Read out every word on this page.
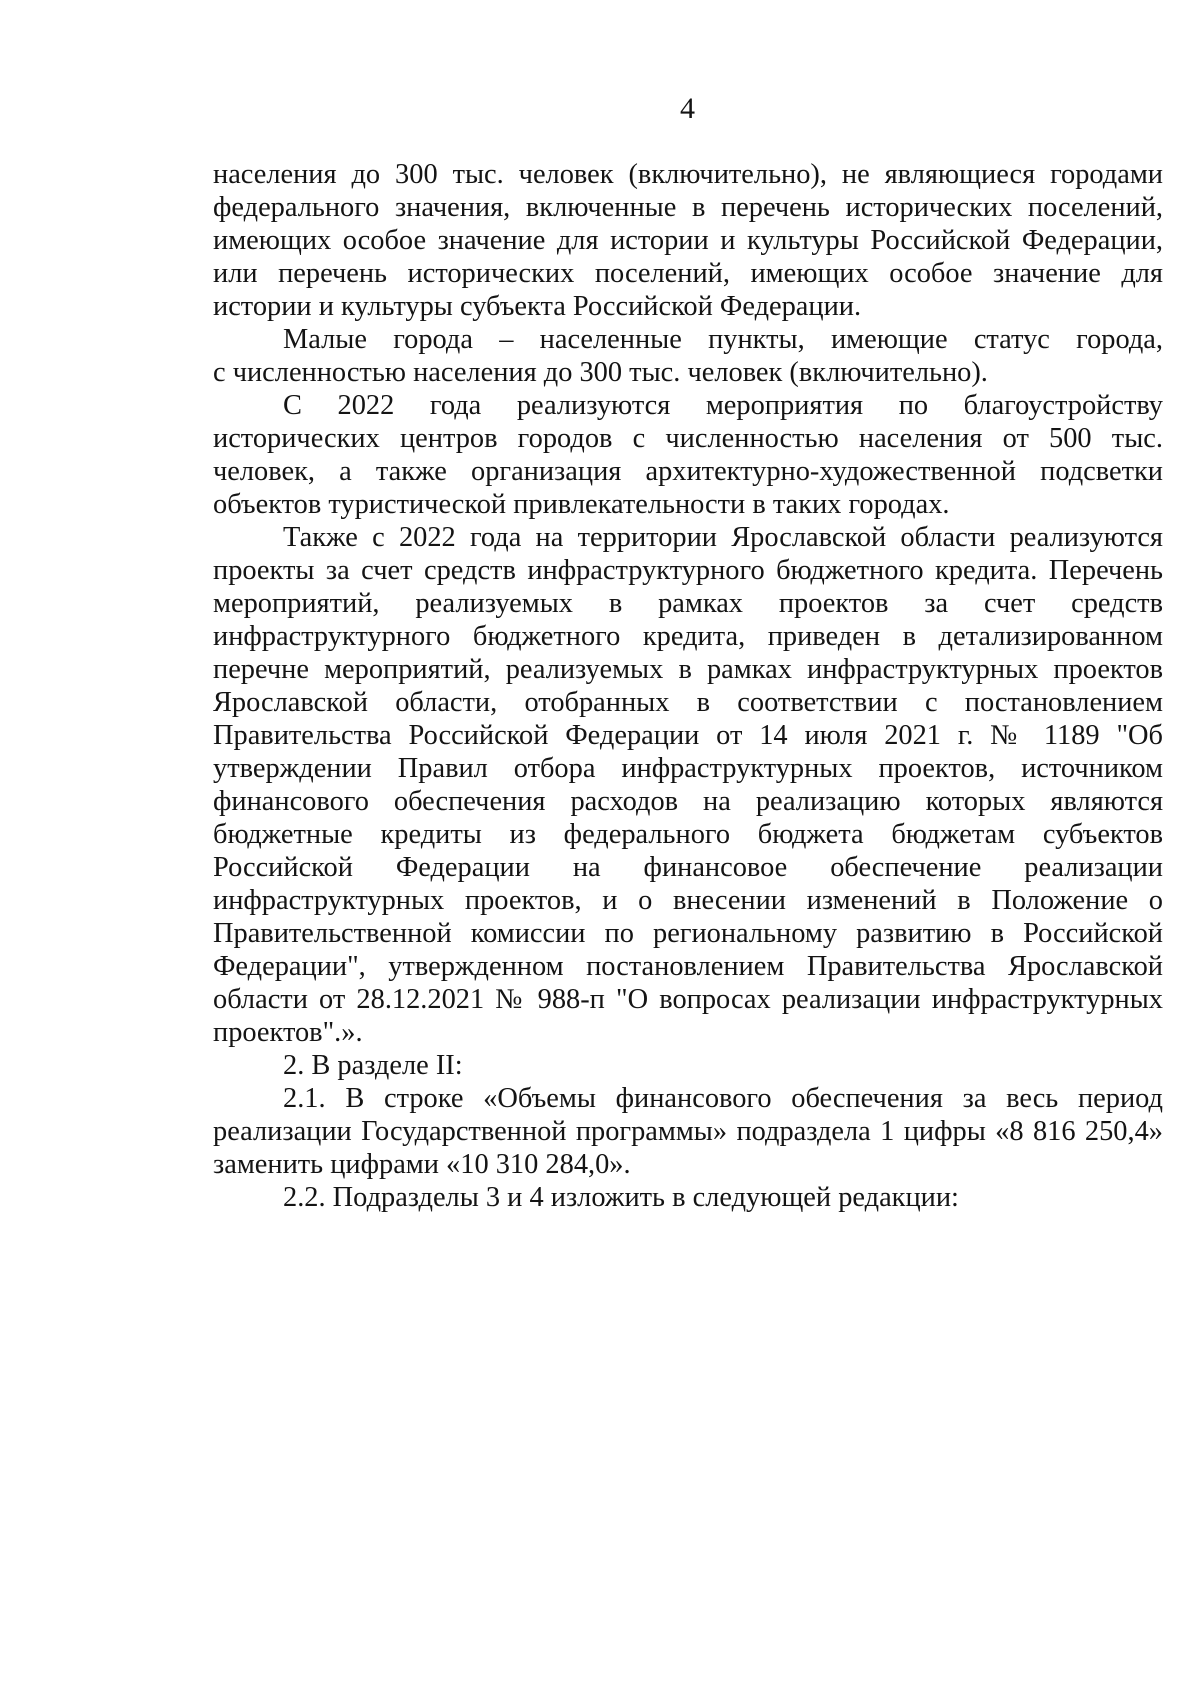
4
населения до 300 тыс. человек (включительно), не являющиеся городами
федерального значения, включенные в перечень исторических поселений,
имеющих особое значение для истории и культуры Российской Федерации,
или перечень исторических поселений, имеющих особое значение для
истории и культуры субъекта Российской Федерации.
Малые города – населенные пункты, имеющие статус города,
с численностью населения до 300 тыс. человек (включительно).
С 2022 года реализуются мероприятия по благоустройству
исторических центров городов с численностью населения от 500 тыс.
человек, а также организация архитектурно-художественной подсветки
объектов туристической привлекательности в таких городах.
Также с 2022 года на территории Ярославской области реализуются
проекты за счет средств инфраструктурного бюджетного кредита. Перечень
мероприятий, реализуемых в рамках проектов за счет средств
инфраструктурного бюджетного кредита, приведен в детализированном
перечне мероприятий, реализуемых в рамках инфраструктурных проектов
Ярославской области, отобранных в соответствии с постановлением
Правительства Российской Федерации от 14 июля 2021 г. № 1189 "Об
утверждении Правил отбора инфраструктурных проектов, источником
финансового обеспечения расходов на реализацию которых являются
бюджетные кредиты из федерального бюджета бюджетам субъектов
Российской Федерации на финансовое обеспечение реализации
инфраструктурных проектов, и о внесении изменений в Положение о
Правительственной комиссии по региональному развитию в Российской
Федерации", утвержденном постановлением Правительства Ярославской
области от 28.12.2021 № 988-п "О вопросах реализации инфраструктурных
проектов".».
2. В разделе II:
2.1. В строке «Объемы финансового обеспечения за весь период
реализации Государственной программы» подраздела 1 цифры «8 816 250,4»
заменить цифрами «10 310 284,0».
2.2. Подразделы 3 и 4 изложить в следующей редакции:
